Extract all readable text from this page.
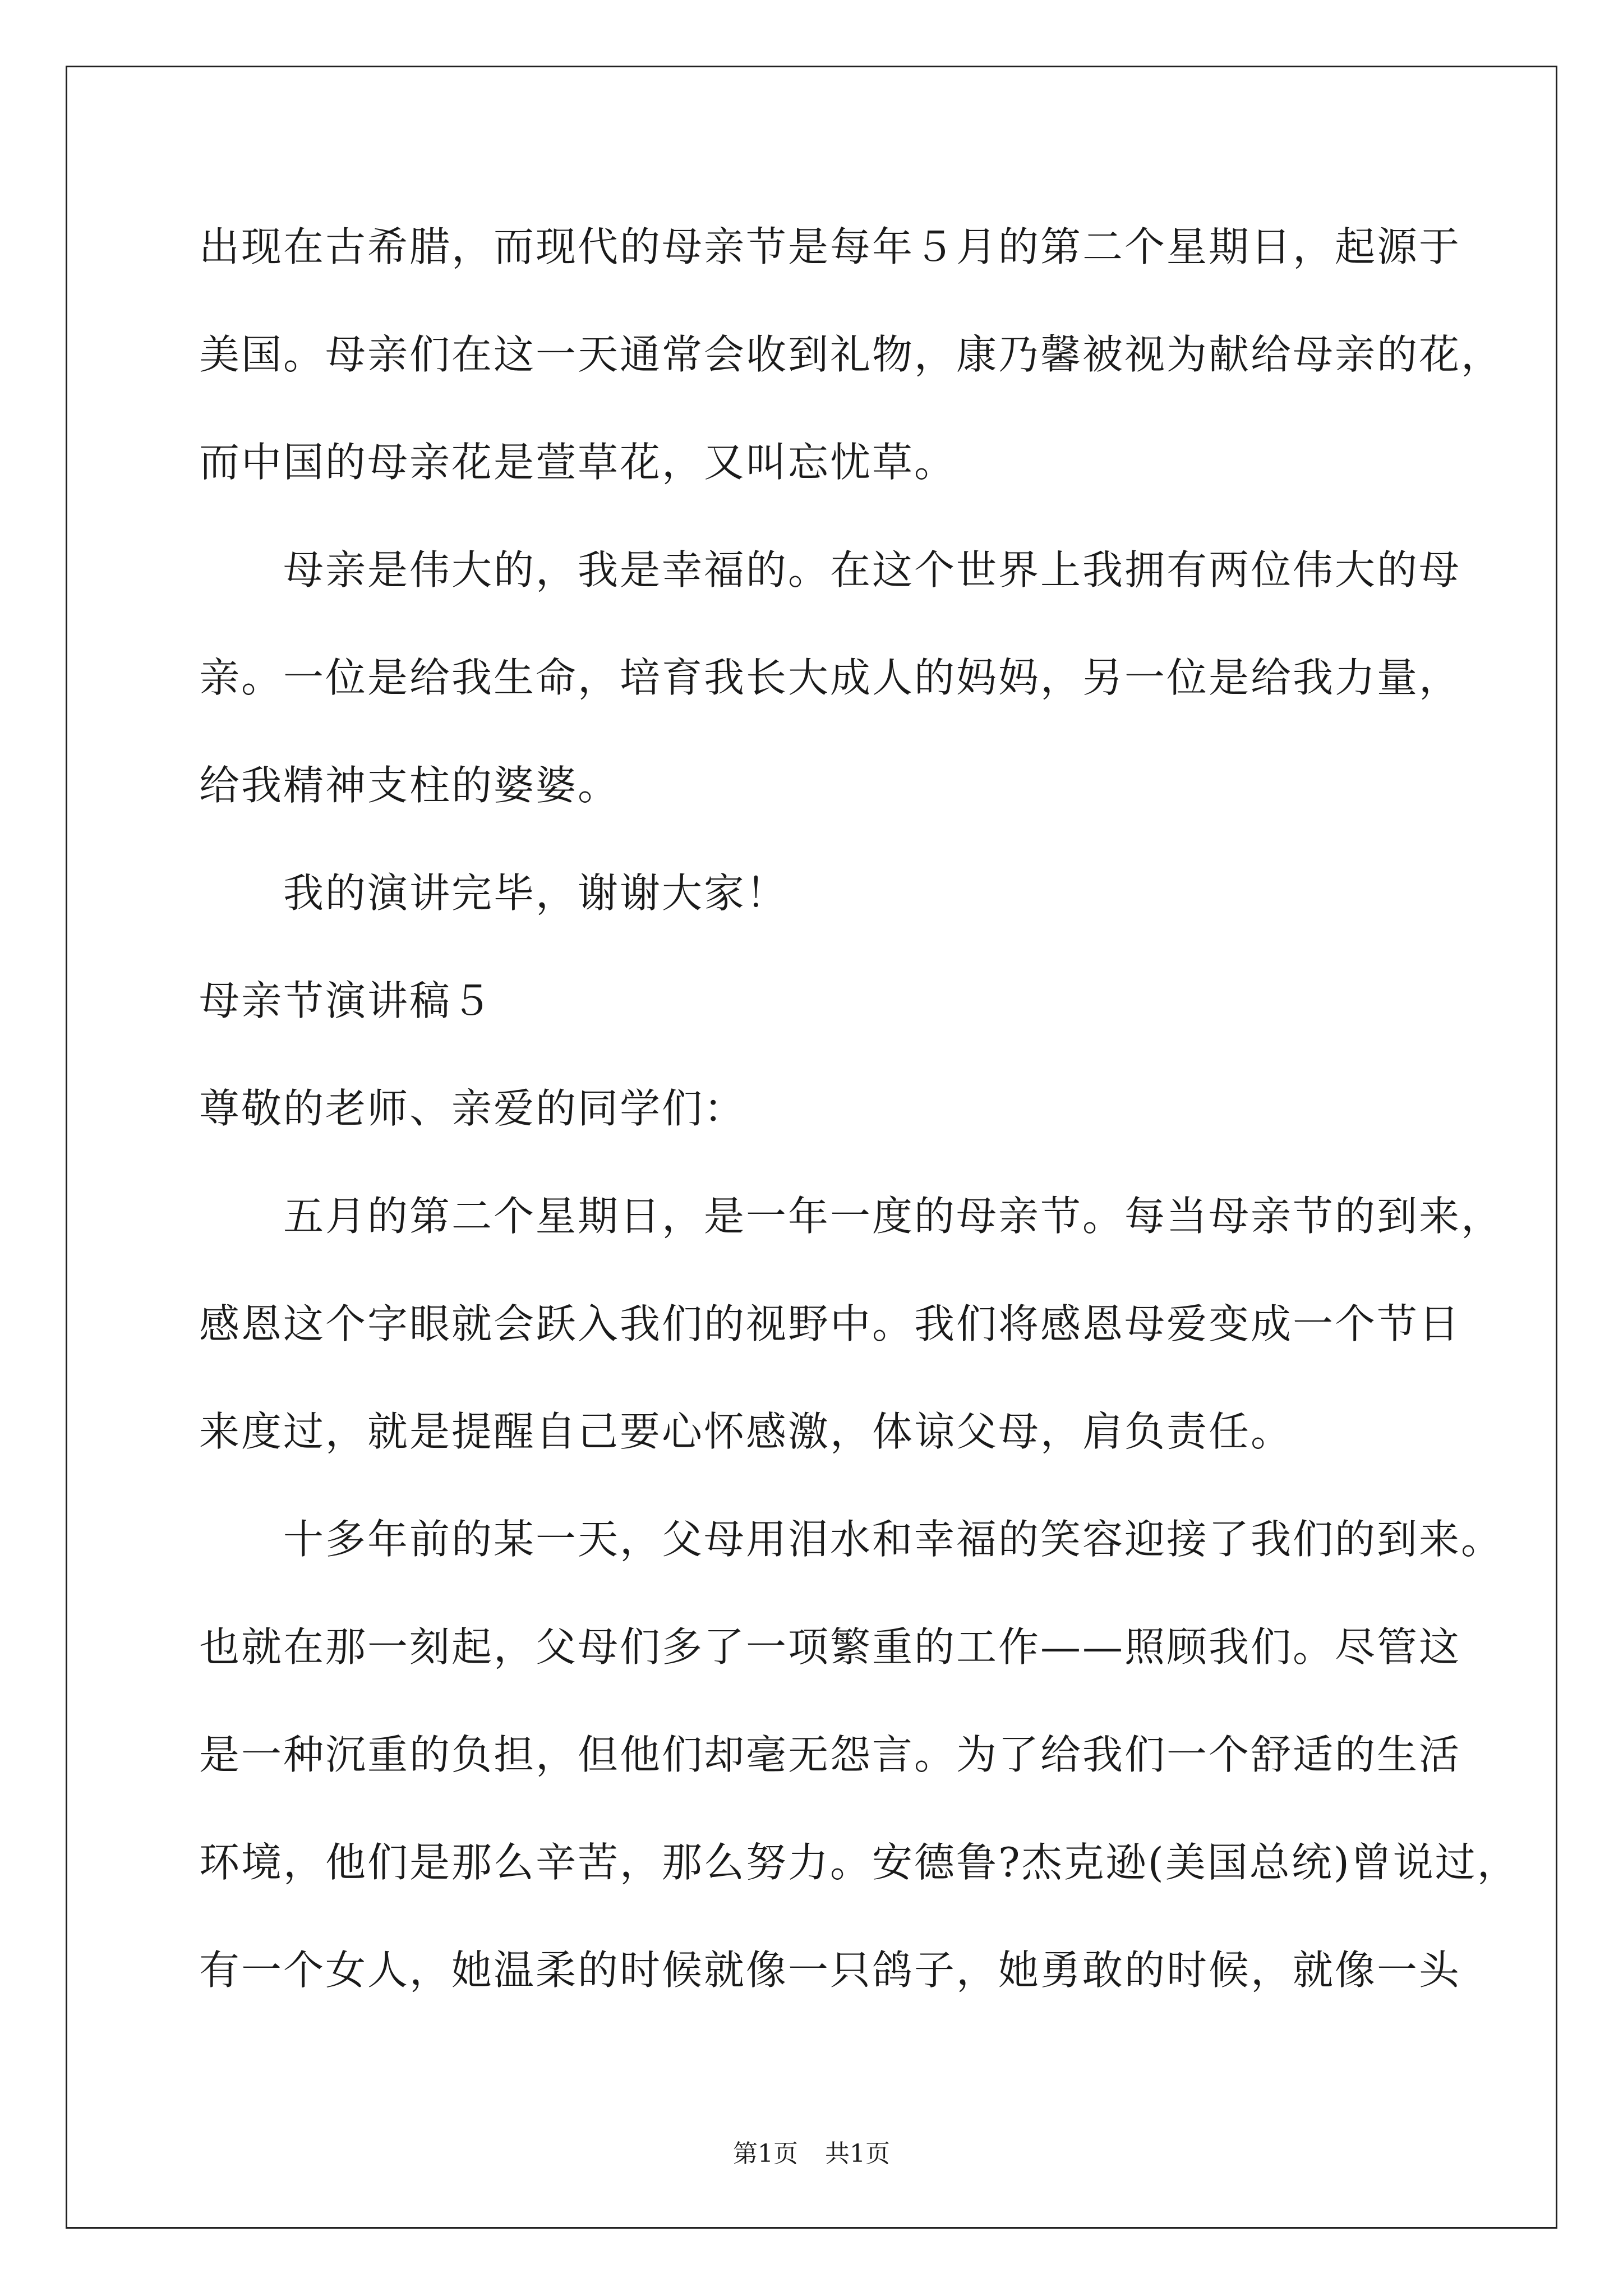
出现在古希腊，而现代的母亲节是每年５月的第二个星期日，起源于
美国。母亲们在这一天通常会收到礼物，康乃馨被视为献给母亲的花，
而中国的母亲花是萱草花，又叫忘忧草。
母亲是伟大的，我是幸福的。在这个世界上我拥有两位伟大的母
亲。一位是给我生命，培育我长大成人的妈妈，另一位是给我力量，
给我精神支柱的婆婆。
我的演讲完毕，谢谢大家！
母亲节演讲稿５
尊敬的老师、亲爱的同学们：
五月的第二个星期日，是一年一度的母亲节。每当母亲节的到来，
感恩这个字眼就会跃入我们的视野中。我们将感恩母爱变成一个节日
来度过，就是提醒自己要心怀感激，体谅父母，肩负责任。
十多年前的某一天，父母用泪水和幸福的笑容迎接了我们的到来。
也就在那一刻起，父母们多了一项繁重的工作——照顾我们。尽管这
是一种沉重的负担，但他们却毫无怨言。为了给我们一个舒适的生活
环境，他们是那么辛苦，那么努力。安德鲁?杰克逊(美国总统)曾说过，
有一个女人，她温柔的时候就像一只鸽子，她勇敢的时候，就像一头
第1页 共1页
